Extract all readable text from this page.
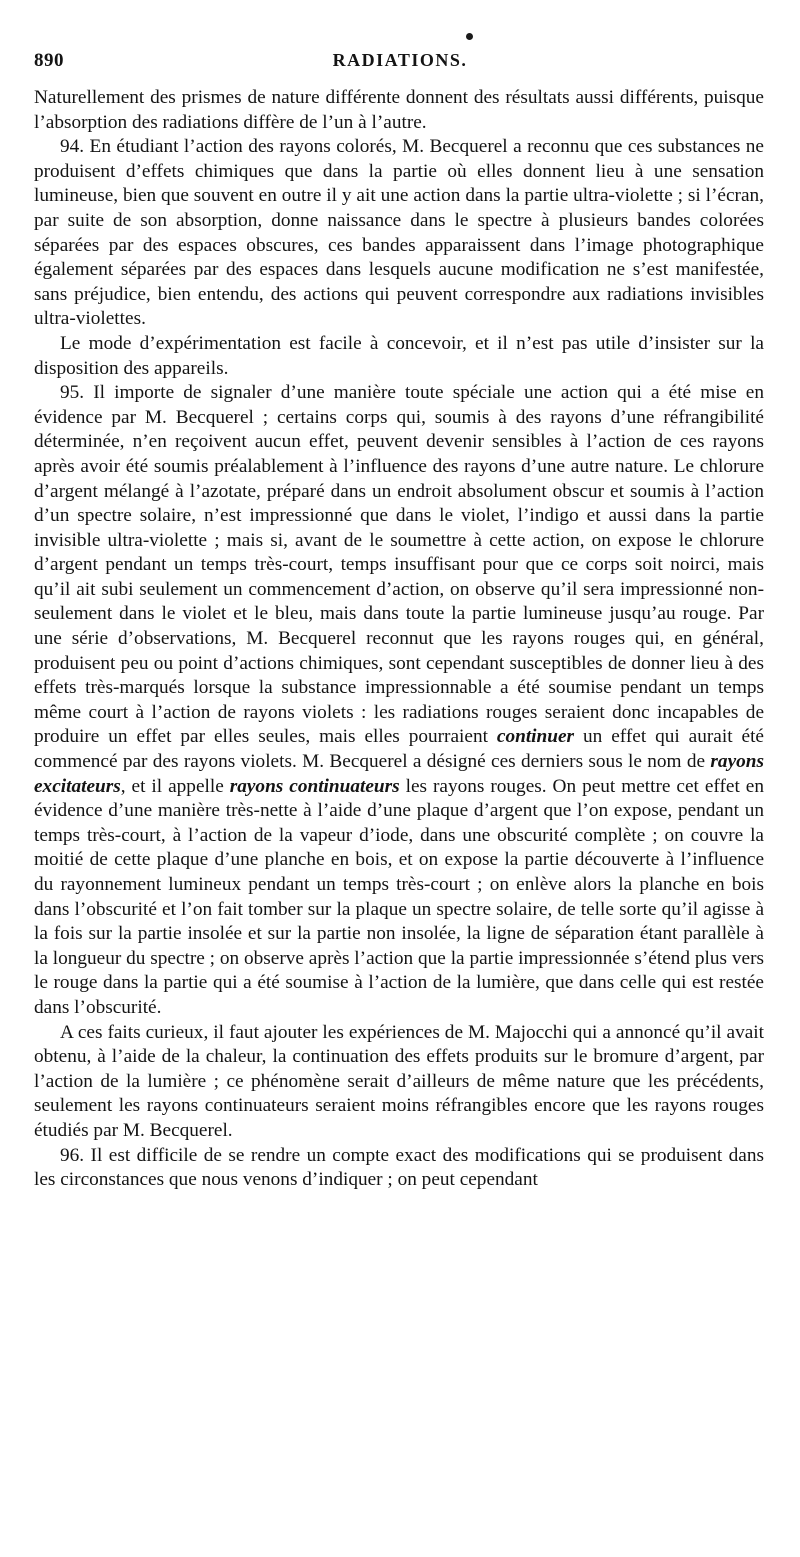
890	RADIATIONS.

Naturellement des prismes de nature différente donnent des résultats aussi différents, puisque l’absorption des radiations diffère de l’un à l’autre.

94. En étudiant l’action des rayons colorés, M. Becquerel a reconnu que ces substances ne produisent d’effets chimiques que dans la partie où elles donnent lieu à une sensation lumineuse, bien que souvent en outre il y ait une action dans la partie ultra-violette ; si l’écran, par suite de son absorption, donne naissance dans le spectre à plusieurs bandes colorées séparées par des espaces obscures, ces bandes apparaissent dans l’image photographique également séparées par des espaces dans lesquels aucune modification ne s’est manifestée, sans préjudice, bien entendu, des actions qui peuvent correspondre aux radiations invisibles ultra-violettes.

Le mode d’expérimentation est facile à concevoir, et il n’est pas utile d’insister sur la disposition des appareils.

95. Il importe de signaler d’une manière toute spéciale une action qui a été mise en évidence par M. Becquerel ; certains corps qui, soumis à des rayons d’une réfrangibilité déterminée, n’en reçoivent aucun effet, peuvent devenir sensibles à l’action de ces rayons après avoir été soumis préalablement à l’influence des rayons d’une autre nature. Le chlorure d’argent mélangé à l’azotate, préparé dans un endroit absolument obscur et soumis à l’action d’un spectre solaire, n’est impressionné que dans le violet, l’indigo et aussi dans la partie invisible ultra-violette ; mais si, avant de le soumettre à cette action, on expose le chlorure d’argent pendant un temps très-court, temps insuffisant pour que ce corps soit noirci, mais qu’il ait subi seulement un commencement d’action, on observe qu’il sera impressionné non-seulement dans le violet et le bleu, mais dans toute la partie lumineuse jusqu’au rouge. Par une série d’observations, M. Becquerel reconnut que les rayons rouges qui, en général, produisent peu ou point d’actions chimiques, sont cependant susceptibles de donner lieu à des effets très-marqués lorsque la substance impressionnable a été soumise pendant un temps même court à l’action de rayons violets : les radiations rouges seraient donc incapables de produire un effet par elles seules, mais elles pourraient continuer un effet qui aurait été commencé par des rayons violets. M. Becquerel a désigné ces derniers sous le nom de rayons excitateurs, et il appelle rayons continuateurs les rayons rouges. On peut mettre cet effet en évidence d’une manière très-nette à l’aide d’une plaque d’argent que l’on expose, pendant un temps très-court, à l’action de la vapeur d’iode, dans une obscurité complète ; on couvre la moitié de cette plaque d’une planche en bois, et on expose la partie découverte à l’influence du rayonnement lumineux pendant un temps très-court ; on enlève alors la planche en bois dans l’obscurité et l’on fait tomber sur la plaque un spectre solaire, de telle sorte qu’il agisse à la fois sur la partie insolée et sur la partie non insolée, la ligne de séparation étant parallèle à la longueur du spectre ; on observe après l’action que la partie impressionnée s’étend plus vers le rouge dans la partie qui a été soumise à l’action de la lumière, que dans celle qui est restée dans l’obscurité.

A ces faits curieux, il faut ajouter les expériences de M. Majocchi qui a annoncé qu’il avait obtenu, à l’aide de la chaleur, la continuation des effets produits sur le bromure d’argent, par l’action de la lumière ; ce phénomène serait d’ailleurs de même nature que les précédents, seulement les rayons continuateurs seraient moins réfrangibles encore que les rayons rouges étudiés par M. Becquerel.

96. Il est difficile de se rendre un compte exact des modifications qui se produisent dans les circonstances que nous venons d’indiquer ; on peut cependant
